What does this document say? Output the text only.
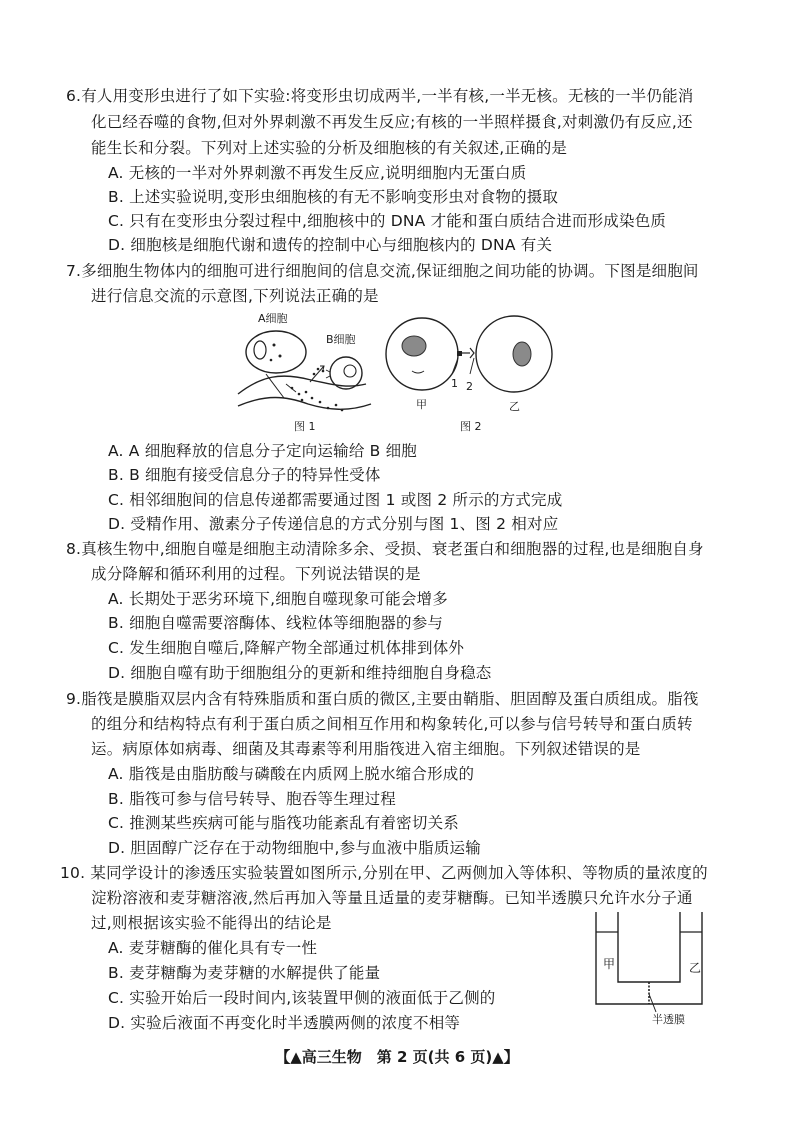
6.有人用变形虫进行了如下实验:将变形虫切成两半,一半有核,一半无核。无核的一半仍能消
化已经吞噬的食物,但对外界刺激不再发生反应;有核的一半照样摄食,对刺激仍有反应,还
能生长和分裂。下列对上述实验的分析及细胞核的有关叙述,正确的是
A. 无核的一半对外界刺激不再发生反应,说明细胞内无蛋白质
B. 上述实验说明,变形虫细胞核的有无不影响变形虫对食物的摄取
C. 只有在变形虫分裂过程中,细胞核中的 DNA 才能和蛋白质结合进而形成染色质
D. 细胞核是细胞代谢和遗传的控制中心与细胞核内的 DNA 有关
7.多细胞生物体内的细胞可进行细胞间的信息交流,保证细胞之间功能的协调。下图是细胞间
进行信息交流的示意图,下列说法正确的是
A细胞
B细胞
图 1
1 2
甲	乙
图 2
A. A 细胞释放的信息分子定向运输给 B 细胞
B. B 细胞有接受信息分子的特异性受体
C. 相邻细胞间的信息传递都需要通过图 1 或图 2 所示的方式完成
D. 受精作用、激素分子传递信息的方式分别与图 1、图 2 相对应
8.真核生物中,细胞自噬是细胞主动清除多余、受损、衰老蛋白和细胞器的过程,也是细胞自身
成分降解和循环利用的过程。下列说法错误的是
A. 长期处于恶劣环境下,细胞自噬现象可能会增多
B. 细胞自噬需要溶酶体、线粒体等细胞器的参与
C. 发生细胞自噬后,降解产物全部通过机体排到体外
D. 细胞自噬有助于细胞组分的更新和维持细胞自身稳态
9.脂筏是膜脂双层内含有特殊脂质和蛋白质的微区,主要由鞘脂、胆固醇及蛋白质组成。脂筏
的组分和结构特点有利于蛋白质之间相互作用和构象转化,可以参与信号转导和蛋白质转
运。病原体如病毒、细菌及其毒素等利用脂筏进入宿主细胞。下列叙述错误的是
A. 脂筏是由脂肪酸与磷酸在内质网上脱水缩合形成的
B. 脂筏可参与信号转导、胞吞等生理过程
C. 推测某些疾病可能与脂筏功能紊乱有着密切关系
D. 胆固醇广泛存在于动物细胞中,参与血液中脂质运输
10. 某同学设计的渗透压实验装置如图所示,分别在甲、乙两侧加入等体积、等物质的量浓度的
淀粉溶液和麦芽糖溶液,然后再加入等量且适量的麦芽糖酶。已知半透膜只允许水分子通
过,则根据该实验不能得出的结论是
A. 麦芽糖酶的催化具有专一性
B. 麦芽糖酶为麦芽糖的水解提供了能量
C. 实验开始后一段时间内,该装置甲侧的液面低于乙侧的
D. 实验后液面不再变化时半透膜两侧的浓度不相等
甲	乙
半透膜
【▲高三生物　第 2 页(共 6 页)▲】
